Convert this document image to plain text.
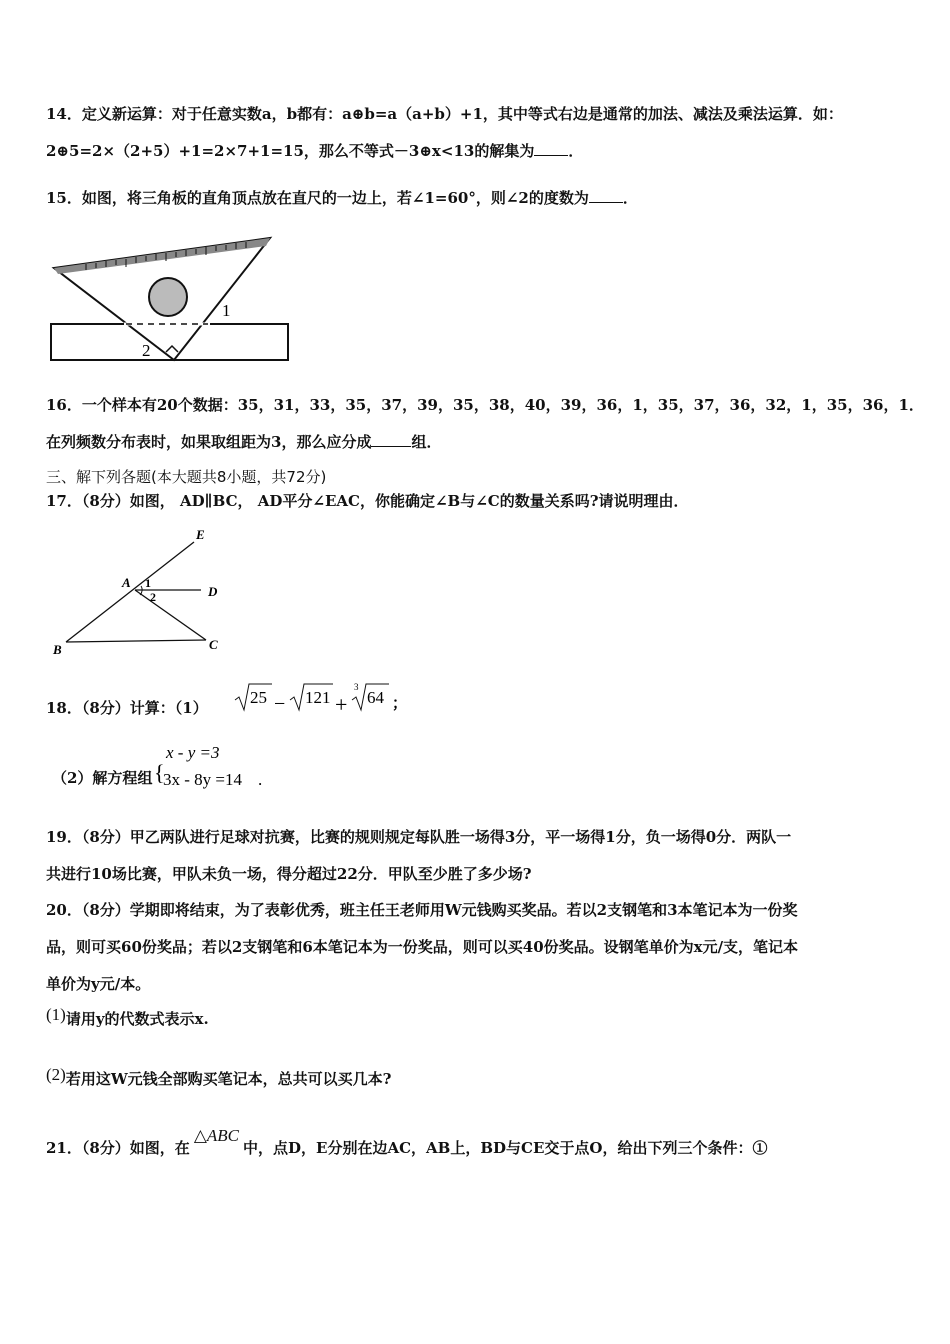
14．定义新运算：对于任意实数a，b都有：a⊕b=a（a+b）+1，其中等式右边是通常的加法、减法及乘法运算．如：
2⊕5=2×（2+5）+1=2×7+1=15，那么不等式－3⊕x<13的解集为 ．
15．如图，将三角板的直角顶点放在直尺的一边上，若∠1=60°，则∠2的度数为 ．
1
2
16．一个样本有20个数据：35，31，33，35，37，39，35，38，40，39，36，1，35，37，36，32，1，35，36，1．
在列频数分布表时，如果取组距为3，那么应分成	组．
三、解下列各题(本大题共8小题，共72分)
17．（8分）如图， AD∥BC， AD平分∠EAC，你能确定∠B与∠C的数量关系吗?请说明理由．
E
A
D
B	C
1
2
18．（8分）计算：（1）
25 − 121 +
3
64 ；
（2）解方程组 {
x - y =3
3x - 8y =14 .
19．（8分）甲乙两队进行足球对抗赛，比赛的规则规定每队胜一场得3分，平一场得1分，负一场得0分．两队一
共进行10场比赛，甲队未负一场，得分超过22分．甲队至少胜了多少场?
20．（8分）学期即将结束，为了表彰优秀，班主任王老师用W元钱购买奖品。若以2支钢笔和3本笔记本为一份奖
品，则可买60份奖品；若以2支钢笔和6本笔记本为一份奖品，则可以买40份奖品。设钢笔单价为x元/支，笔记本
单价为y元/本。
(1)请用y的代数式表示x.
(2)若用这W元钱全部购买笔记本，总共可以买几本?
21．（8分）如图，在△ABC中，点D，E分别在边AC，AB上，BD与CE交于点O，给出下列三个条件：①
